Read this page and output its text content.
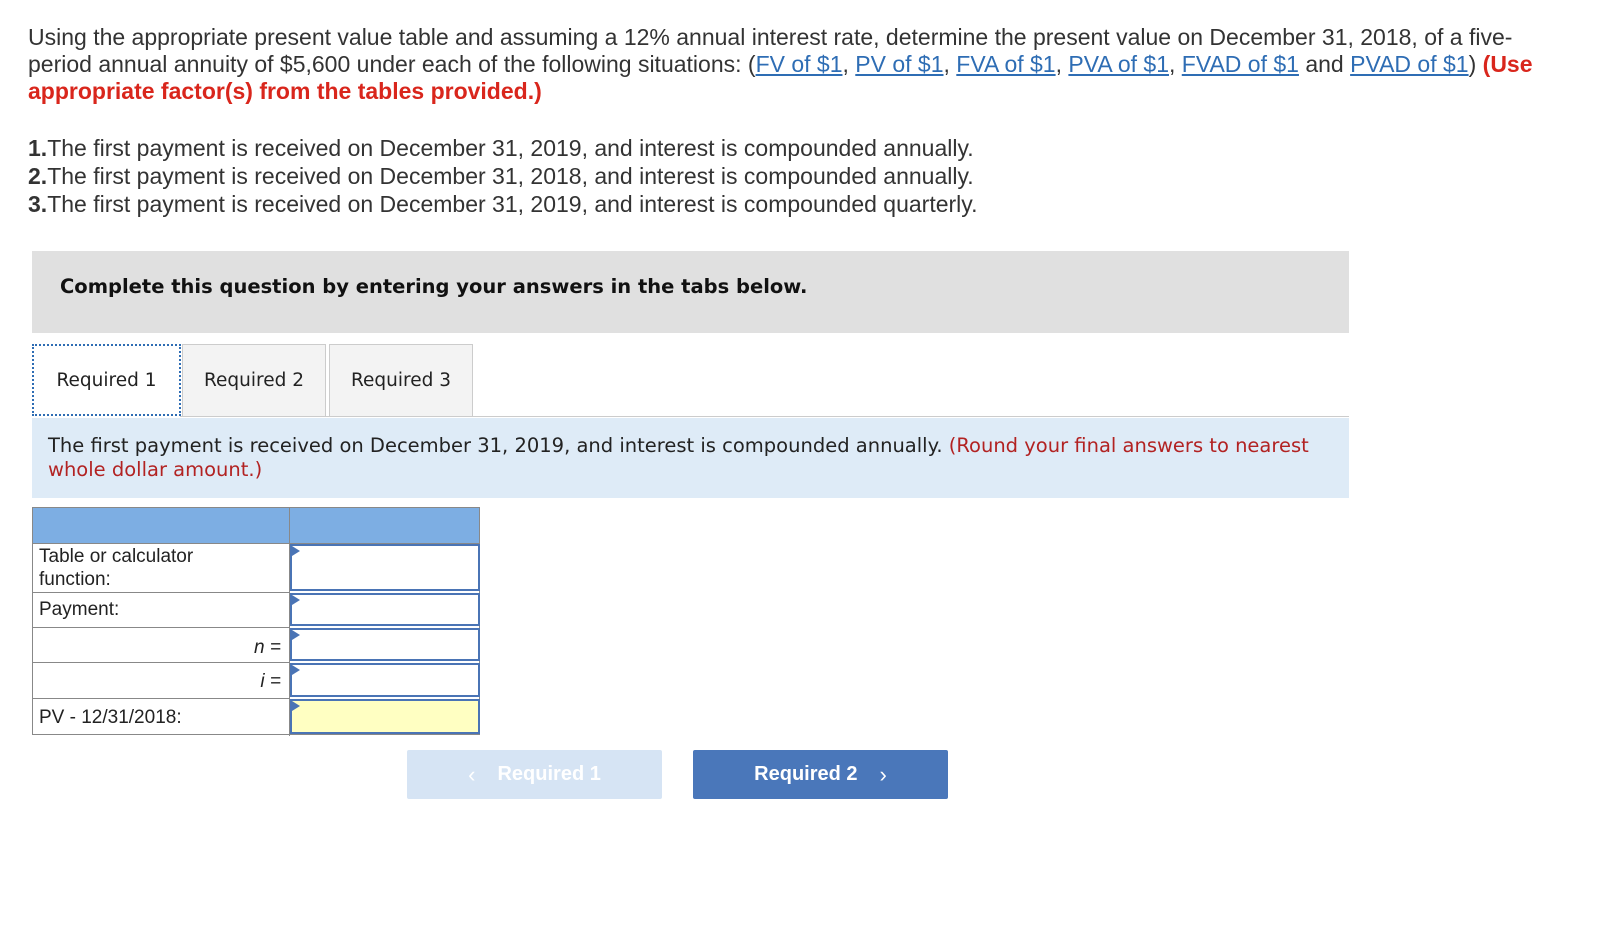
Using the appropriate present value table and assuming a 12% annual interest rate, determine the present value on December 31, 2018, of a five-period annual annuity of $5,600 under each of the following situations: (FV of $1, PV of $1, FVA of $1, PVA of $1, FVAD of $1 and PVAD of $1) (Use appropriate factor(s) from the tables provided.)
1.The first payment is received on December 31, 2019, and interest is compounded annually.
2.The first payment is received on December 31, 2018, and interest is compounded annually.
3.The first payment is received on December 31, 2019, and interest is compounded quarterly.
Complete this question by entering your answers in the tabs below.
Required 1	Required 2	Required 3
The first payment is received on December 31, 2019, and interest is compounded annually. (Round your final answers to nearest whole dollar amount.)
Table or calculator function:
Payment:
n =
i =
PV - 12/31/2018:
‹ Required 1	Required 2 ›
